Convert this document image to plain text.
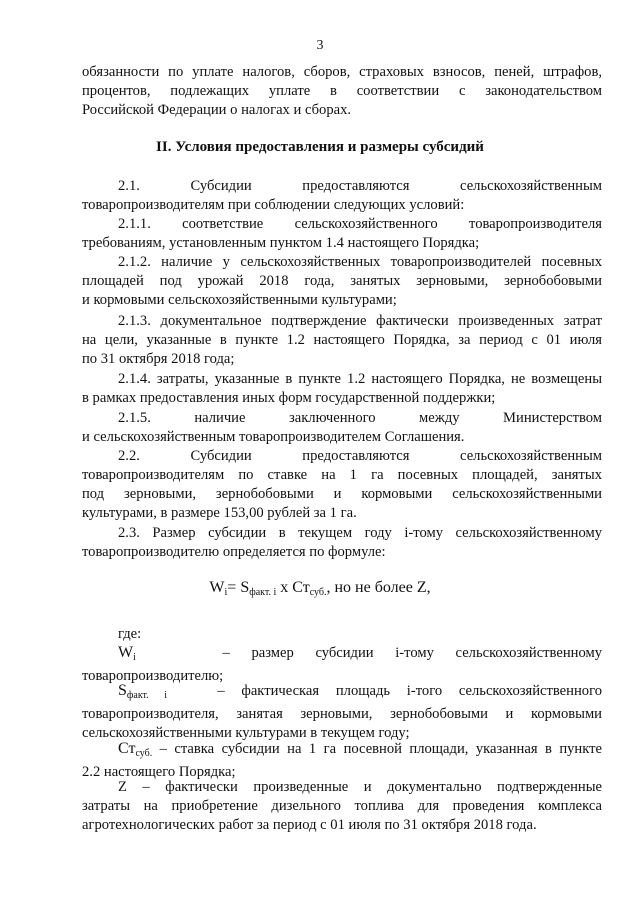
3
обязанности по уплате налогов, сборов, страховых взносов, пеней, штрафов,
процентов, подлежащих уплате в соответствии с законодательством
Российской Федерации о налогах и сборах.
II. Условия предоставления и размеры субсидий
2.1. Субсидии предоставляются сельскохозяйственным
товаропроизводителям при соблюдении следующих условий:
2.1.1. соответствие сельскохозяйственного товаропроизводителя
требованиям, установленным пунктом 1.4 настоящего Порядка;
2.1.2. наличие у сельскохозяйственных товаропроизводителей посевных
площадей под урожай 2018 года, занятых зерновыми, зернобобовыми
и кормовыми сельскохозяйственными культурами;
2.1.3. документальное подтверждение фактически произведенных затрат
на цели, указанные в пункте 1.2 настоящего Порядка, за период с 01 июля
по 31 октября 2018 года;
2.1.4. затраты, указанные в пункте 1.2 настоящего Порядка, не возмещены
в рамках предоставления иных форм государственной поддержки;
2.1.5. наличие заключенного между Министерством
и сельскохозяйственным товаропроизводителем Соглашения.
2.2. Субсидии предоставляются сельскохозяйственным
товаропроизводителям по ставке на 1 га посевных площадей, занятых
под зерновыми, зернобобовыми и кормовыми сельскохозяйственными
культурами, в размере 153,00 рублей за 1 га.
2.3. Размер субсидии в текущем году i-тому сельскохозяйственному
товаропроизводителю определяется по формуле:
$W_i= S_{факт. i}$ x $Ст_{суб.}$, но не более Z,
где:
$W_i$	– размер субсидии i-тому сельскохозяйственному
товаропроизводителю;
$S_{факт. i}$	– фактическая площадь i-того сельскохозяйственного
товаропроизводителя, занятая зерновыми, зернобобовыми и кормовыми
сельскохозяйственными культурами в текущем году;
$Ст_{суб.}$ – ставка субсидии на 1 га посевной площади, указанная в пункте
2.2 настоящего Порядка;
Z – фактически произведенные и документально подтвержденные
затраты на приобретение дизельного топлива для проведения комплекса
агротехнологических работ за период с 01 июля по 31 октября 2018 года.
